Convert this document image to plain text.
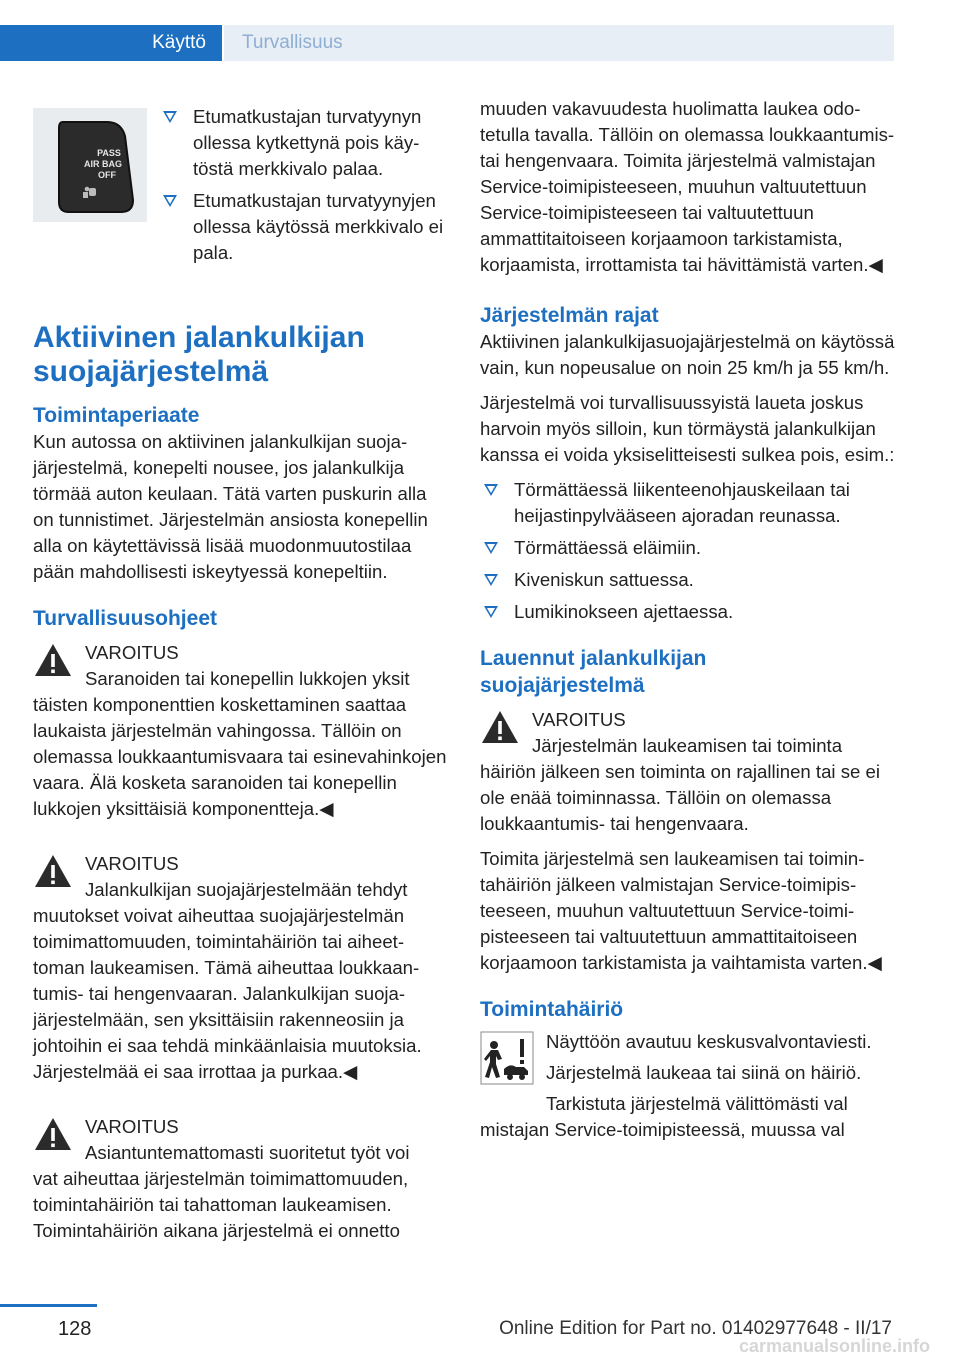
Käyttö Turvallisuus
PASS
AIR BAG
OFF
Etumatkustajan turvatyynyn ollessa kytkettynä pois käytöstä merkkivalo palaa.
Etumatkustajan turvatyynyjen ollessa käytössä merkkivalo ei pala.
Aktiivinen jalankulkijan suojajärjestelmä
Toimintaperiaate

Kun autossa on aktiivinen jalankulkijan suojajärjestelmä, konepelti nousee, jos jalankulkija törmää auton keulaan. Tätä varten puskurin alla on tunnistimet. Järjestelmän ansiosta konepellin alla on käytettävissä lisää muodonmuutostilaa pään mahdollisesti iskeytyessä konepeltiin.

Turvallisuusohjeet

VAROITUS

Saranoiden tai konepellin lukkojen yksit

täisten komponenttien koskettaminen saattaa laukaista järjestelmän vahingossa. Tällöin on olemassa loukkaantumisvaara tai esinevahinkojen vaara. Älä kosketa saranoiden tai konepellin lukkojen yksittäisiä komponentteja.◀

VAROITUS

Jalankulkijan suojajärjestelmään tehdyt

muutokset voivat aiheuttaa suojajärjestelmän toimimattomuuden, toimintahäiriön tai aiheettoman laukeamisen. Tämä aiheuttaa loukkaantumis- tai hengenvaaran. Jalankulkijan suojajärjestelmään, sen yksittäisiin rakenneosiin ja johtoihin ei saa tehdä minkäänlaisia muutoksia. Järjestelmää ei saa irrottaa ja purkaa.◀

VAROITUS

Asiantuntemattomasti suoritetut työt voi

vat aiheuttaa järjestelmän toimimattomuuden, toimintahäiriön tai tahattoman laukeamisen. Toimintahäiriön aikana järjestelmä ei onnetto

muuden vakavuudesta huolimatta laukea odotetulla tavalla. Tällöin on olemassa loukkaantumis- tai hengenvaara. Toimita järjestelmä valmistajan Service-toimipisteeseen, muuhun valtuutettuun Service-toimipisteeseen tai valtuutettuun ammattitaitoiseen korjaamoon tarkistamista, korjaamista, irrottamista tai hävittämistä varten.◀

Järjestelmän rajat

Aktiivinen jalankulkijasuojajärjestelmä on käytössä vain, kun nopeusalue on noin 25 km/h ja 55 km/h.

Järjestelmä voi turvallisuussyistä laueta joskus harvoin myös silloin, kun törmäystä jalankulkijan kanssa ei voida yksiselitteisesti sulkea pois, esim.:

Törmättäessä liikenteenohjauskeilaan tai heijastinpylvääseen ajoradan reunassa.
Törmättäessä eläimiin.
Kiveniskun sattuessa.
Lumikinokseen ajettaessa.
Lauennut jalankulkijan suojajärjestelmä

VAROITUS

Järjestelmän laukeamisen tai toiminta

häiriön jälkeen sen toiminta on rajallinen tai se ei ole enää toiminnassa. Tällöin on olemassa loukkaantumis- tai hengenvaara.

Toimita järjestelmä sen laukeamisen tai toimintahäiriön jälkeen valmistajan Service-toimipisteeseen, muuhun valtuutettuun Service-toimipisteeseen tai valtuutettuun ammattitaitoiseen korjaamoon tarkistamista ja vaihtamista varten.◀

Toimintahäiriö

Näyttöön avautuu keskusvalvontaviesti.

Järjestelmä laukeaa tai siinä on häiriö.

Tarkistuta järjestelmä välittömästi val

mistajan Service-toimipisteessä, muussa val

128	Online Edition for Part no. 01402977648 - II/17
carmanualsonline.info
